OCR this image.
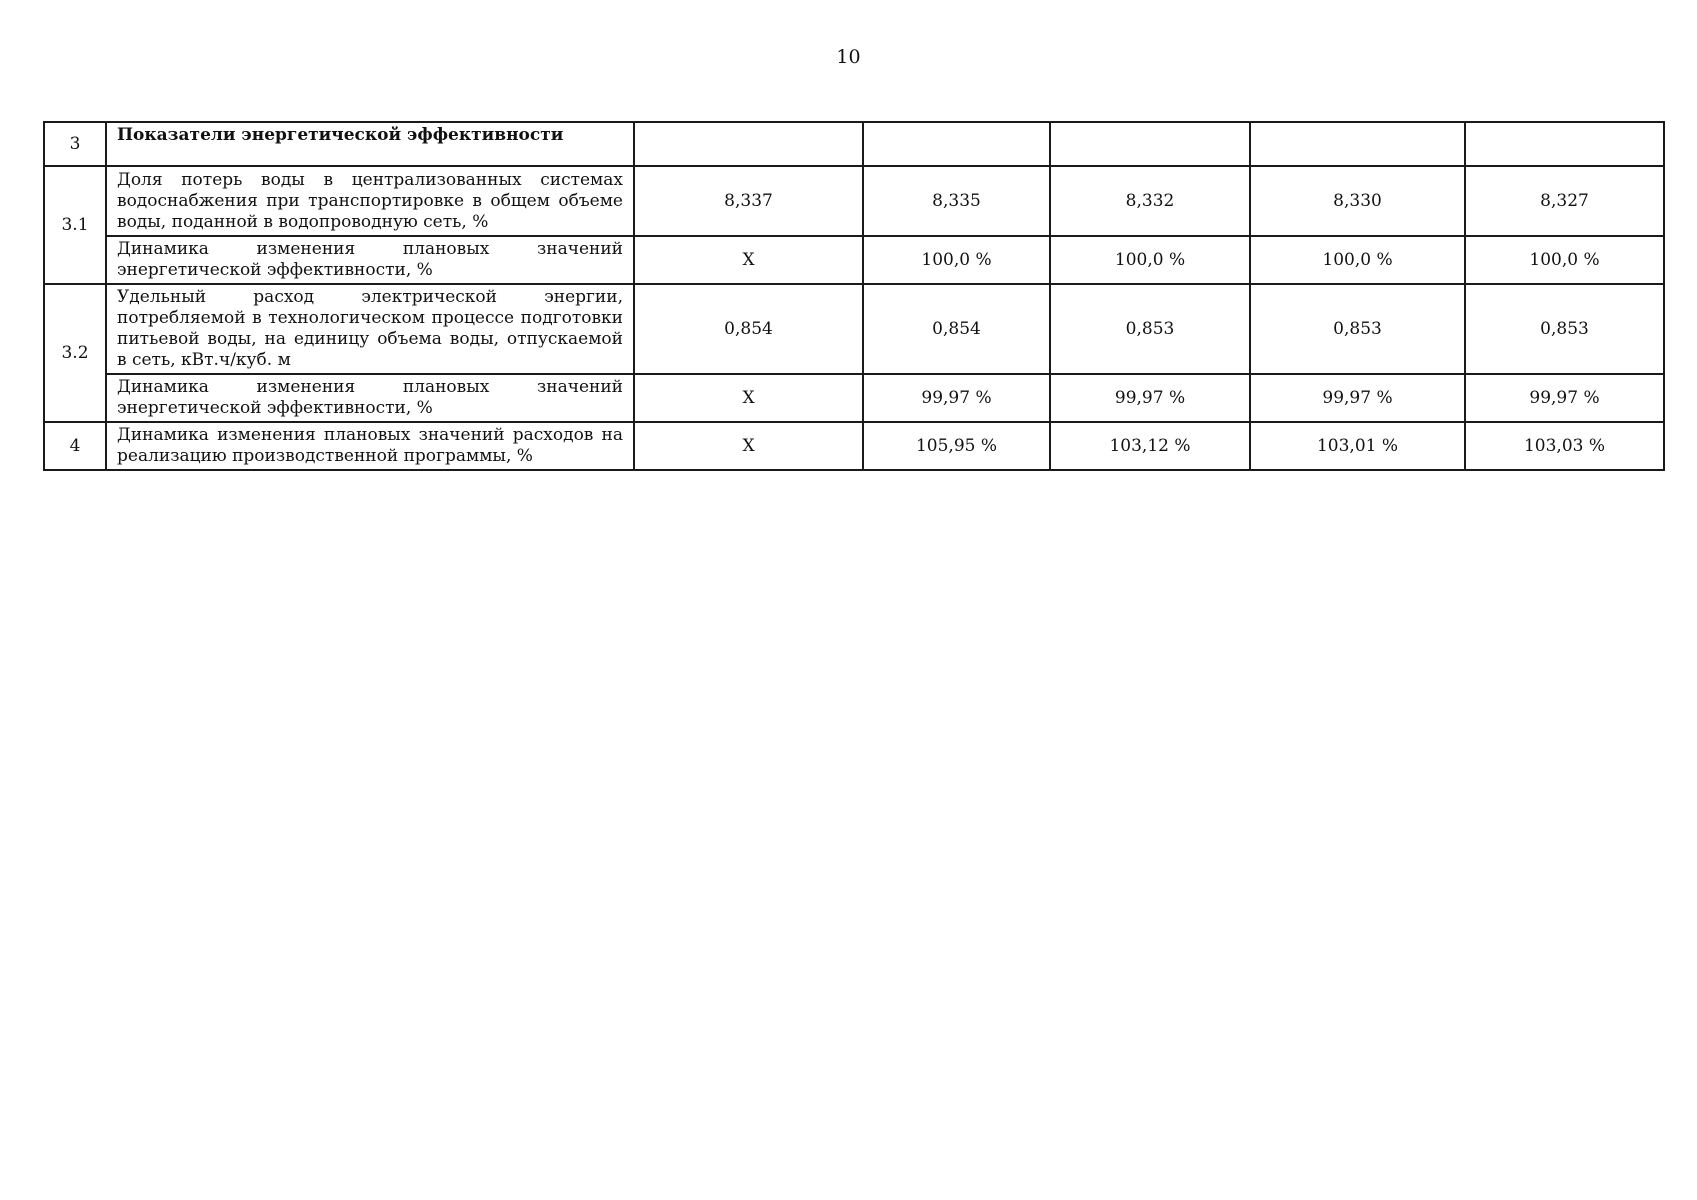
10
3	Показатели энергетической эффективности					
3.1	Доля потерь воды в централизованных системах водоснабжения при транспортировке в общем объеме воды, поданной в водопроводную сеть, %	8,337	8,335	8,332	8,330	8,327
	Динамика изменения плановых значений энергетической эффективности, %	Х	100,0 %	100,0 %	100,0 %	100,0 %
3.2	Удельный расход электрической энергии, потребляемой в технологическом процессе подготовки питьевой воды, на единицу объема воды, отпускаемой в сеть, кВт.ч/куб. м	0,854	0,854	0,853	0,853	0,853
	Динамика изменения плановых значений энергетической эффективности, %	Х	99,97 %	99,97 %	99,97 %	99,97 %
4	Динамика изменения плановых значений расходов на реализацию производственной программы, %	Х	105,95 %	103,12 %	103,01 %	103,03 %
